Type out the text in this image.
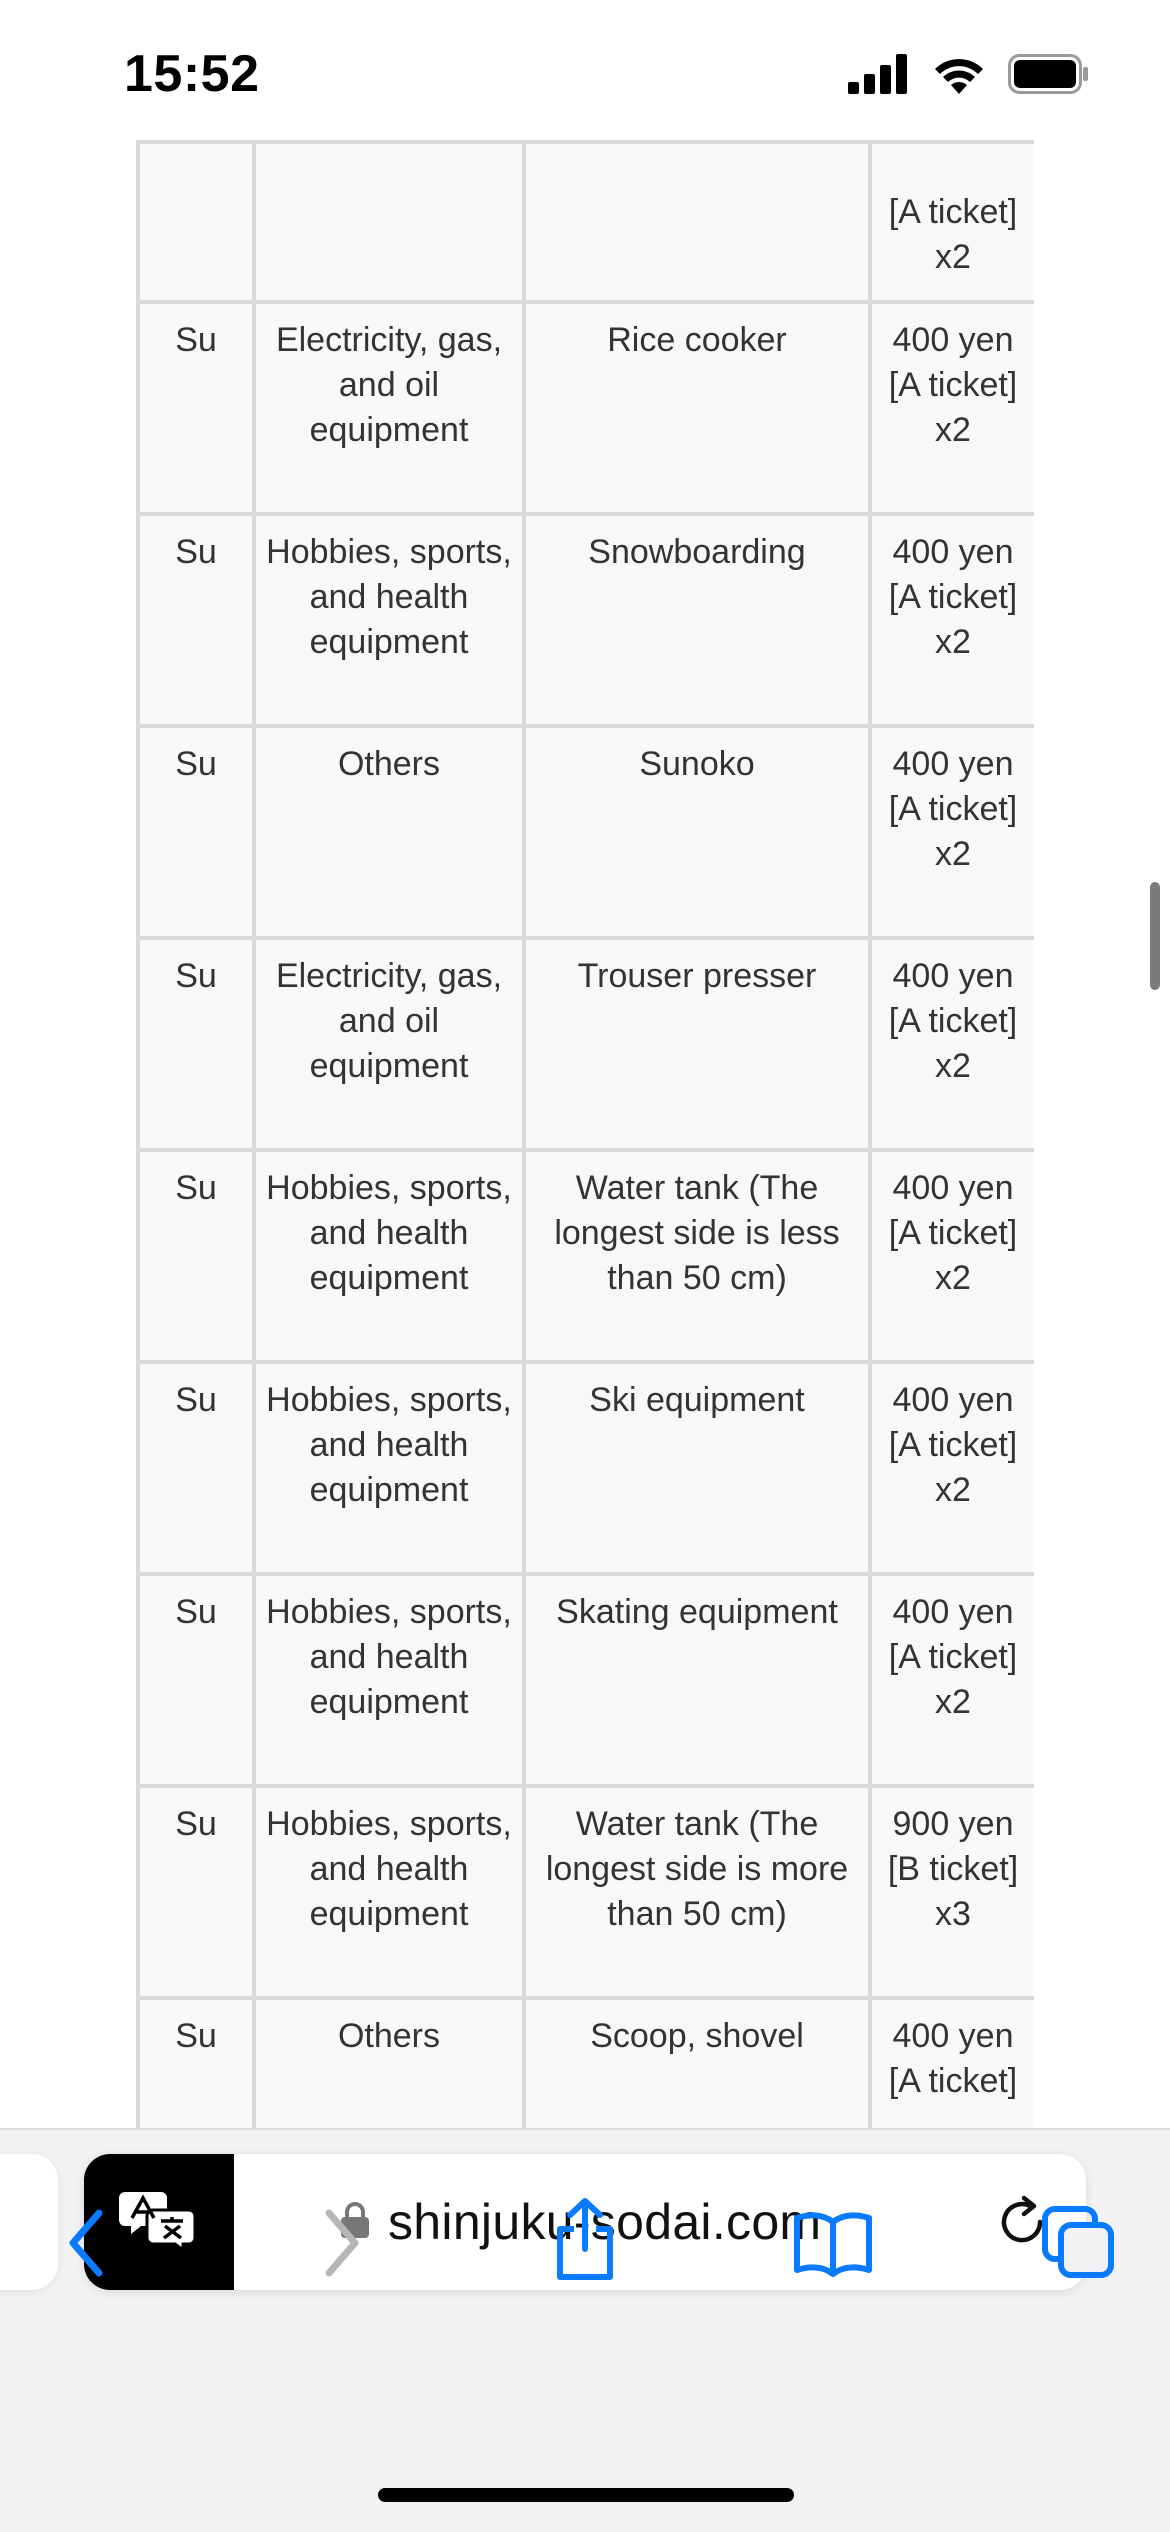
15:52
			[A ticket] x2
Su	Electricity, gas, and oil equipment	Rice cooker	400 yen [A ticket] x2
Su	Hobbies, sports, and health equipment	Snowboarding	400 yen [A ticket] x2
Su	Others	Sunoko	400 yen [A ticket] x2
Su	Electricity, gas, and oil equipment	Trouser presser	400 yen [A ticket] x2
Su	Hobbies, sports, and health equipment	Water tank (The longest side is less than 50 cm)	400 yen [A ticket] x2
Su	Hobbies, sports, and health equipment	Ski equipment	400 yen [A ticket] x2
Su	Hobbies, sports, and health equipment	Skating equipment	400 yen [A ticket] x2
Su	Hobbies, sports, and health equipment	Water tank (The longest side is more than 50 cm)	900 yen [B ticket] x3
Su	Others	Scoop, shovel	400 yen [A ticket]
shinjuku-sodai.com
